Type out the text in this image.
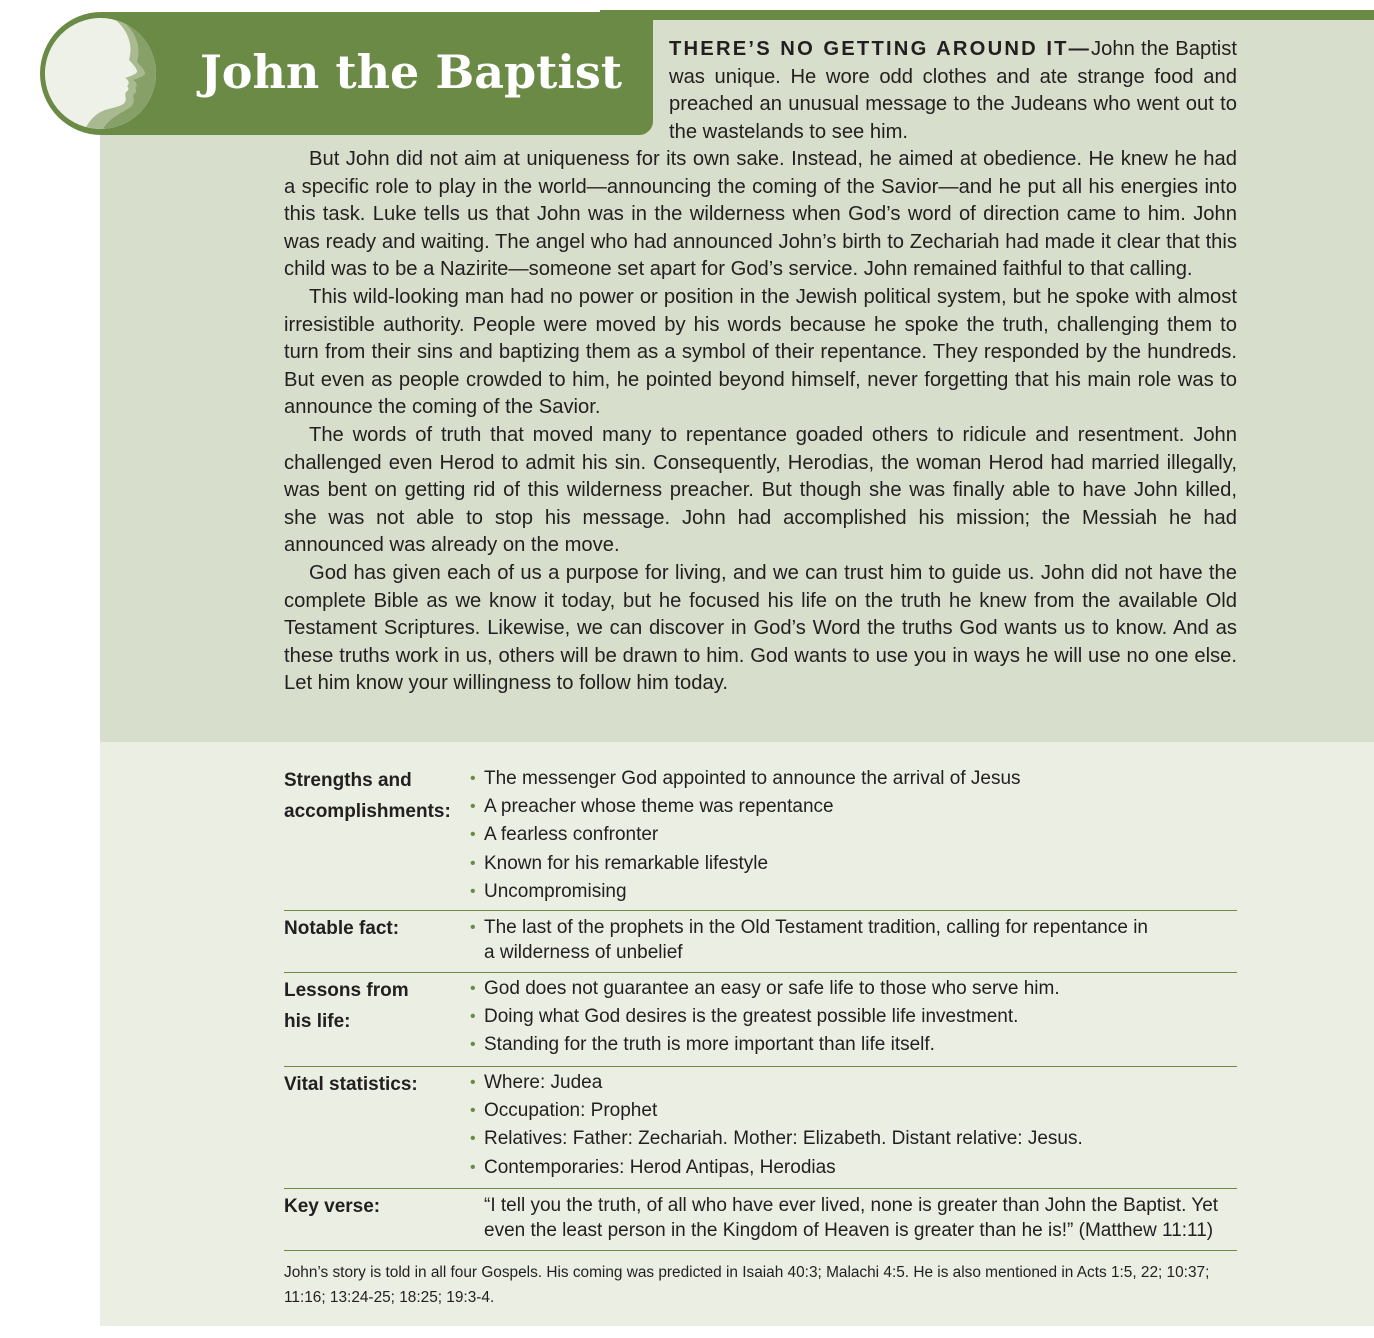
John the Baptist THERE’S NO GETTING AROUND IT—John the Baptist was unique. He wore odd clothes and ate strange food and preached an unusual message to the Judeans who went out to the wastelands to see him.

But John did not aim at uniqueness for its own sake. Instead, he aimed at obedience. He knew he had a specific role to play in the world—announcing the coming of the Savior—and he put all his energies into this task. Luke tells us that John was in the wilderness when God’s word of direction came to him. John was ready and waiting. The angel who had announced John’s birth to Zechariah had made it clear that this child was to be a Nazirite—someone set apart for God’s service. John remained faithful to that calling.

This wild-looking man had no power or position in the Jewish political system, but he spoke with almost irresistible authority. People were moved by his words because he spoke the truth, challenging them to turn from their sins and baptizing them as a symbol of their repentance. They responded by the hundreds. But even as people crowded to him, he pointed beyond himself, never forgetting that his main role was to announce the coming of the Savior.

The words of truth that moved many to repentance goaded others to ridicule and resentment. John challenged even Herod to admit his sin. Consequently, Herodias, the woman Herod had married illegally, was bent on getting rid of this wilderness preacher. But though she was finally able to have John killed, she was not able to stop his message. John had accomplished his mission; the Messiah he had announced was already on the move.

God has given each of us a purpose for living, and we can trust him to guide us. John did not have the complete Bible as we know it today, but he focused his life on the truth he knew from the available Old Testament Scriptures. Likewise, we can discover in God’s Word the truths God wants us to know. And as these truths work in us, others will be drawn to him. God wants to use you in ways he will use no one else. Let him know your willingness to follow him today.

Strengths and
accomplishments:
• The messenger God appointed to announce the arrival of Jesus
• A preacher whose theme was repentance
• A fearless confronter
• Known for his remarkable lifestyle
• Uncompromising
Notable fact:	• The last of the prophets in the Old Testament tradition, calling for repentance in
a wilderness of unbelief
Lessons from
his life:
• God does not guarantee an easy or safe life to those who serve him.
• Doing what God desires is the greatest possible life investment.
• Standing for the truth is more important than life itself.
Vital statistics:	• Where: Judea
• Occupation: Prophet
• Relatives: Father: Zechariah. Mother: Elizabeth. Distant relative: Jesus.
• Contemporaries: Herod Antipas, Herodias
Key verse:	“I tell you the truth, of all who have ever lived, none is greater than John the Baptist. Yet
even the least person in the Kingdom of Heaven is greater than he is!” (Matthew 11:11)

John’s story is told in all four Gospels. His coming was predicted in Isaiah 40:3; Malachi 4:5. He is also mentioned in Acts 1:5, 22; 10:37;
11:16; 13:24-25; 18:25; 19:3-4.
